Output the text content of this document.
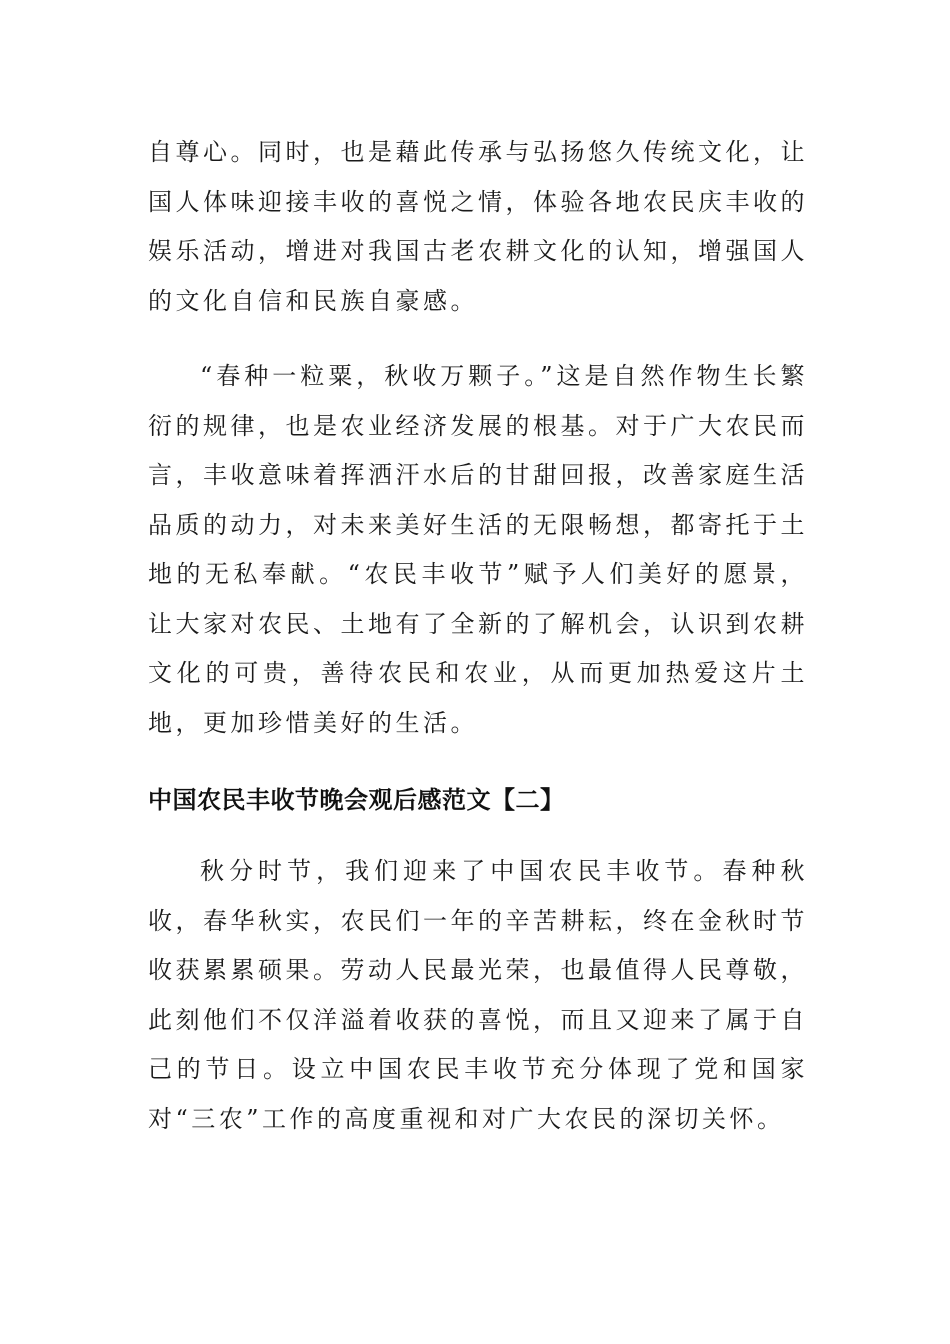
自尊心。同时，也是藉此传承与弘扬悠久传统文化，让国人体味迎接丰收的喜悦之情，体验各地农民庆丰收的娱乐活动，增进对我国古老农耕文化的认知，增强国人的文化自信和民族自豪感。

“春种一粒粟，秋收万颗子。”这是自然作物生长繁衍的规律，也是农业经济发展的根基。对于广大农民而言，丰收意味着挥洒汗水后的甘甜回报，改善家庭生活品质的动力，对未来美好生活的无限畅想，都寄托于土地的无私奉献。“农民丰收节”赋予人们美好的愿景，让大家对农民、土地有了全新的了解机会，认识到农耕文化的可贵，善待农民和农业，从而更加热爱这片土地，更加珍惜美好的生活。

中国农民丰收节晚会观后感范文【二】

秋分时节，我们迎来了中国农民丰收节。春种秋收，春华秋实，农民们一年的辛苦耕耘，终在金秋时节收获累累硕果。劳动人民最光荣，也最值得人民尊敬，此刻他们不仅洋溢着收获的喜悦，而且又迎来了属于自己的节日。设立中国农民丰收节充分体现了党和国家对“三农”工作的高度重视和对广大农民的深切关怀。
